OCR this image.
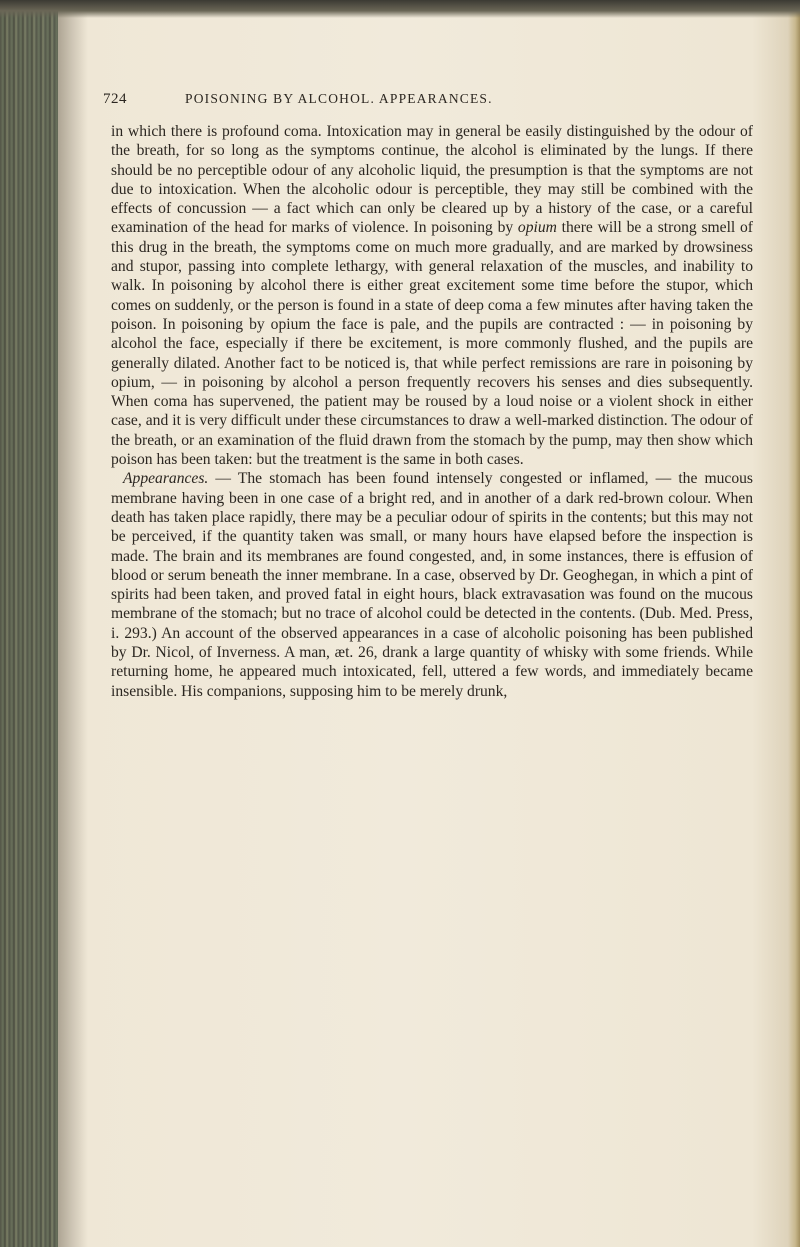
724	POISONING BY ALCOHOL. APPEARANCES.

in which there is profound coma. Intoxication may in general be easily distinguished by the odour of the breath, for so long as the symptoms continue, the alcohol is eliminated by the lungs. If there should be no perceptible odour of any alcoholic liquid, the presumption is that the symptoms are not due to intoxication. When the alcoholic odour is perceptible, they may still be combined with the effects of concussion — a fact which can only be cleared up by a history of the case, or a careful examination of the head for marks of violence. In poisoning by opium there will be a strong smell of this drug in the breath, the symptoms come on much more gradually, and are marked by drowsiness and stupor, passing into complete lethargy, with general relaxation of the muscles, and inability to walk. In poisoning by alcohol there is either great excitement some time before the stupor, which comes on suddenly, or the person is found in a state of deep coma a few minutes after having taken the poison. In poisoning by opium the face is pale, and the pupils are contracted : — in poisoning by alcohol the face, especially if there be excitement, is more commonly flushed, and the pupils are generally dilated. Another fact to be noticed is, that while perfect remissions are rare in poisoning by opium, — in poisoning by alcohol a person frequently recovers his senses and dies subsequently. When coma has supervened, the patient may be roused by a loud noise or a violent shock in either case, and it is very difficult under these circumstances to draw a well-marked distinction. The odour of the breath, or an examination of the fluid drawn from the stomach by the pump, may then show which poison has been taken: but the treatment is the same in both cases.

Appearances. — The stomach has been found intensely congested or inflamed, — the mucous membrane having been in one case of a bright red, and in another of a dark red-brown colour. When death has taken place rapidly, there may be a peculiar odour of spirits in the contents; but this may not be perceived, if the quantity taken was small, or many hours have elapsed before the inspection is made. The brain and its membranes are found congested, and, in some instances, there is effusion of blood or serum beneath the inner membrane. In a case, observed by Dr. Geoghegan, in which a pint of spirits had been taken, and proved fatal in eight hours, black extravasation was found on the mucous membrane of the stomach; but no trace of alcohol could be detected in the contents. (Dub. Med. Press, i. 293.) An account of the observed appearances in a case of alcoholic poisoning has been published by Dr. Nicol, of Inverness. A man, æt. 26, drank a large quantity of whisky with some friends. While returning home, he appeared much intoxicated, fell, uttered a few words, and immediately became insensible. His companions, supposing him to be merely drunk,
